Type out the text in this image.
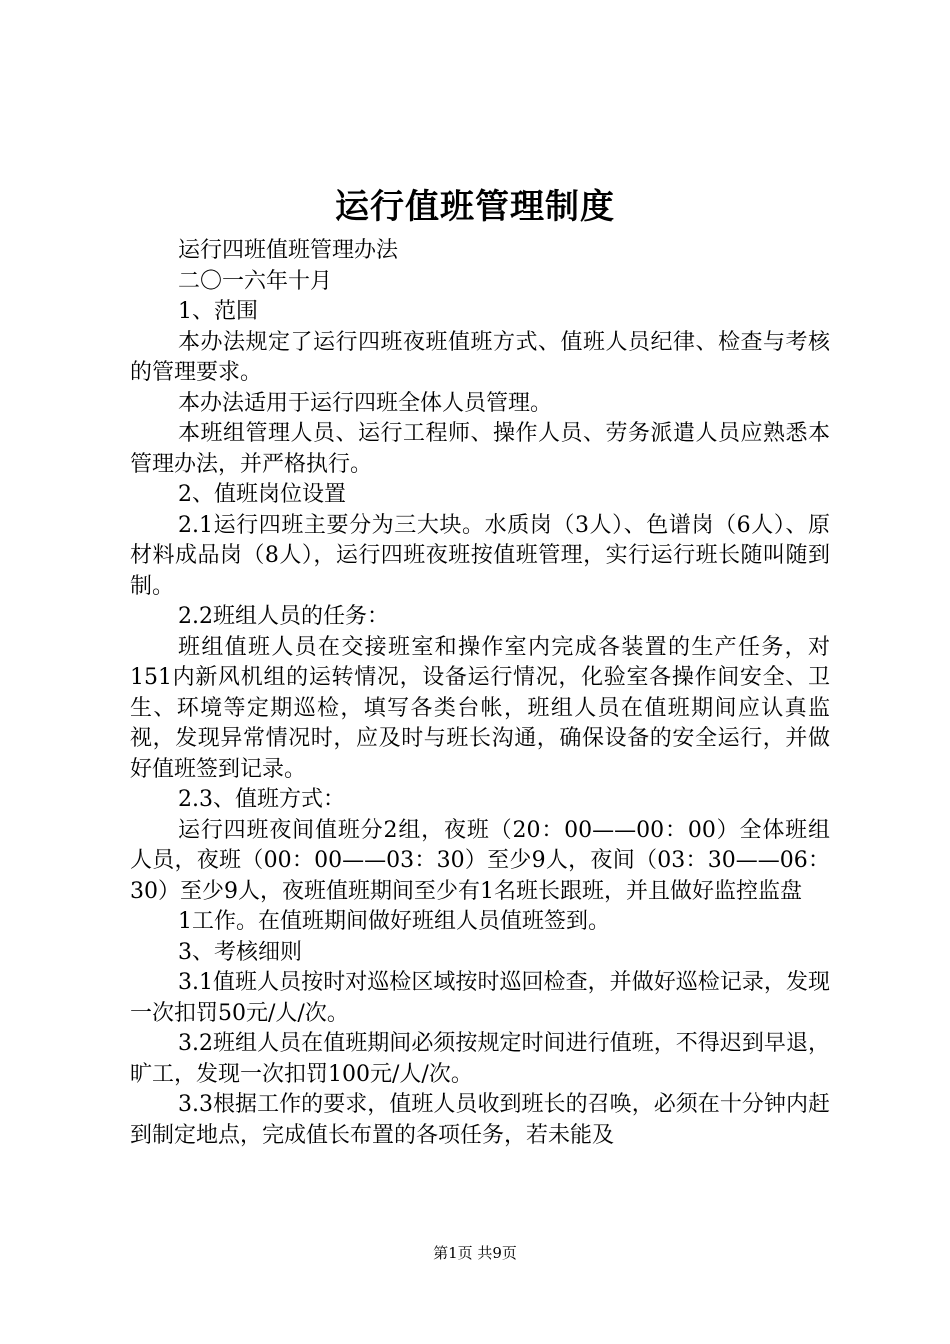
运行值班管理制度

运行四班值班管理办法

二〇一六年十月

1、范围

本办法规定了运行四班夜班值班方式、值班人员纪律、检查与考核的管理要求。

本办法适用于运行四班全体人员管理。

本班组管理人员、运行工程师、操作人员、劳务派遣人员应熟悉本管理办法，并严格执行。

2、值班岗位设置

2.1运行四班主要分为三大块。水质岗（3人）、色谱岗（6人）、原材料成品岗（8人），运行四班夜班按值班管理，实行运行班长随叫随到制。

2.2班组人员的任务：

班组值班人员在交接班室和操作室内完成各装置的生产任务，对151内新风机组的运转情况，设备运行情况，化验室各操作间安全、卫生、环境等定期巡检，填写各类台帐，班组人员在值班期间应认真监视，发现异常情况时，应及时与班长沟通，确保设备的安全运行，并做好值班签到记录。

2.3、值班方式：

运行四班夜间值班分2组，夜班（20：00——00：00）全体班组人员，夜班（00：00——03：30）至少9人，夜间（03：30——06：30）至少9人，夜班值班期间至少有1名班长跟班，并且做好监控监盘

1工作。在值班期间做好班组人员值班签到。

3、考核细则

3.1值班人员按时对巡检区域按时巡回检查，并做好巡检记录，发现一次扣罚50元/人/次。

3.2班组人员在值班期间必须按规定时间进行值班，不得迟到早退，旷工，发现一次扣罚100元/人/次。

3.3根据工作的要求，值班人员收到班长的召唤，必须在十分钟内赶到制定地点，完成值长布置的各项任务，若未能及

第1页 共9页
